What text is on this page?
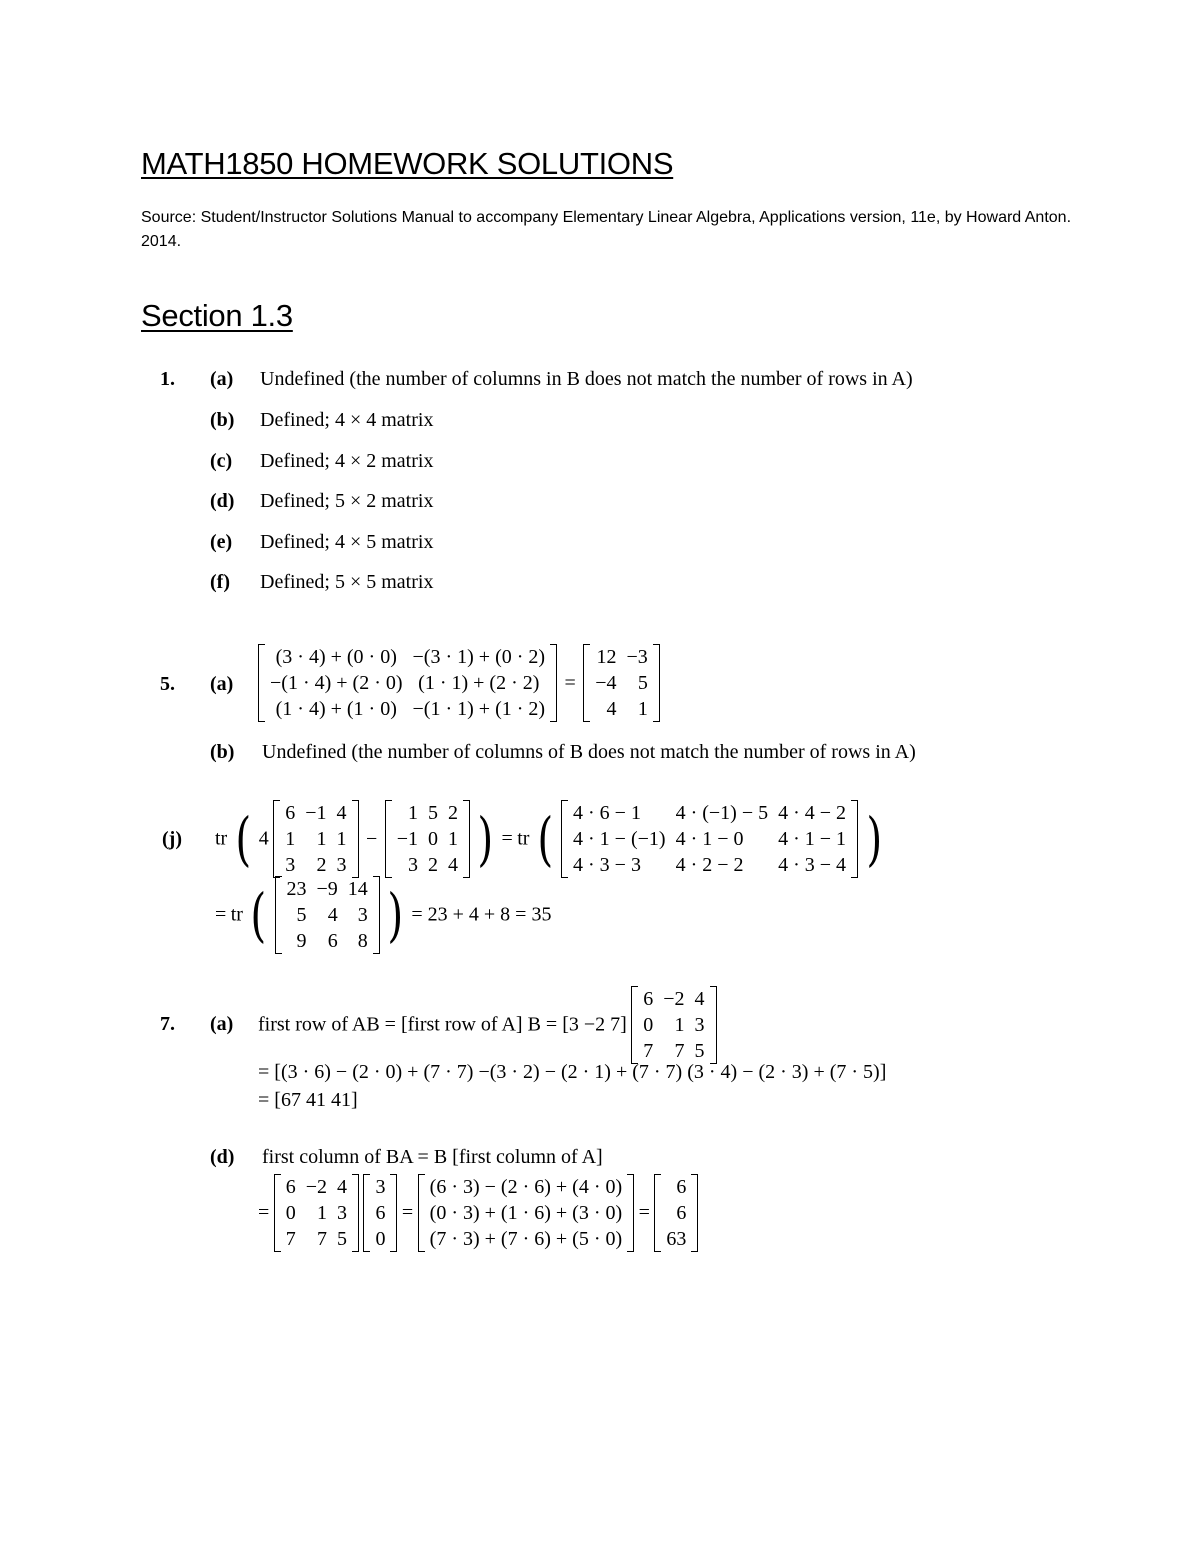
MATH1850 HOMEWORK SOLUTIONS
Source: Student/Instructor Solutions Manual to accompany Elementary Linear Algebra, Applications version, 11e, by Howard Anton. 2014.
Section 1.3
1. (a) Undefined (the number of columns in B does not match the number of rows in A)
(b) Defined; 4 × 4 matrix
(c) Defined; 4 × 2 matrix
(d) Defined; 5 × 2 matrix
(e) Defined; 4 × 5 matrix
(f) Defined; 5 × 5 matrix
5. (a)
(3 · 4) + (0 · 0)	−(3 · 1) + (0 · 2)
−(1 · 4) + (2 · 0)	(1 · 1) + (2 · 2)
(1 · 4) + (1 · 0)	−(1 · 1) + (1 · 2)
=
12	−3
−4	5
4	1
(b) Undefined (the number of columns of B does not match the number of rows in A)
(j) tr ( 4
6	−1	4
1	1	1
3	2	3
−
1	5	2
−1	0	1
3	2	4 ) = tr ( 4 · 6 − 1	4 · (−1) − 5	4 · 4 − 2
4 · 1 − (−1)	4 · 1 − 0	4 · 1 − 1
4 · 3 − 3	4 · 2 − 2	4 · 3 − 4 )
= tr ( 23	−9	14
5	4	3
9	6	8 ) = 23 + 4 + 8 = 35
7. (a) first row of AB = [first row of A] B = [3 −2 7]
6	−2	4
0	1	3
7	7	5
= [(3 · 6) − (2 · 0) + (7 · 7) −(3 · 2) − (2 · 1) + (7 · 7) (3 · 4) − (2 · 3) + (7 · 5)]
= [67 41 41]
(d) first column of BA = B [first column of A]
=
6	−2	4
0	1	3
7	7	5

3
6
0
=
(6 · 3) − (2 · 6) + (4 · 0)
(0 · 3) + (1 · 6) + (3 · 0)
(7 · 3) + (7 · 6) + (5 · 0)
=
6
6
63
